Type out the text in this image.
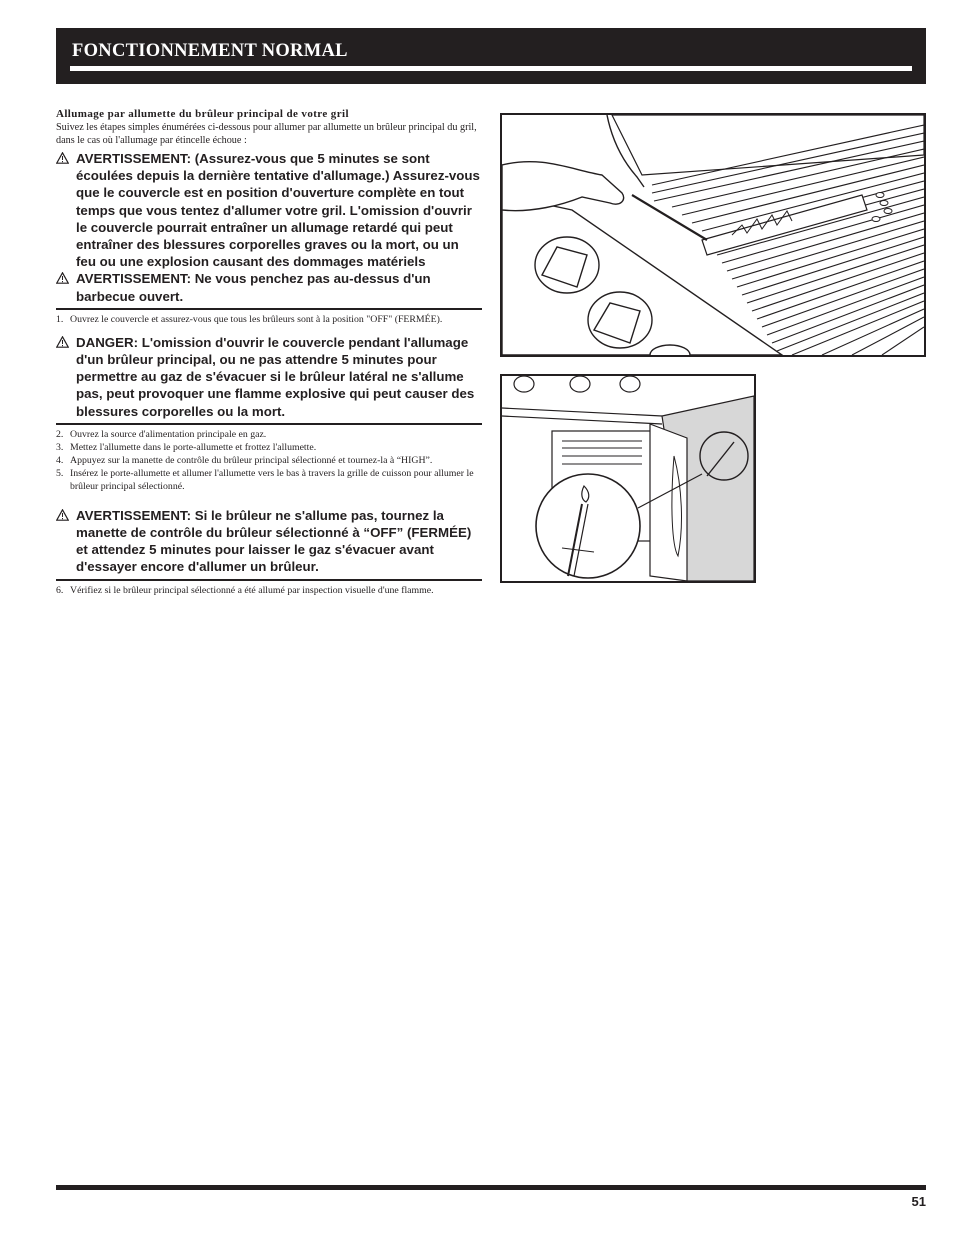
FONCTIONNEMENT NORMAL
Allumage par allumette du brûleur principal de votre gril
Suivez les étapes simples énumérées ci-dessous pour allumer par allumette un brûleur principal du gril, dans le cas où l'allumage par étincelle échoue :
AVERTISSEMENT: (Assurez-vous que 5 minutes se sont écoulées depuis la dernière tentative d'allumage.) Assurez-vous que le couvercle est en position d'ouverture complète en tout temps que vous tentez d'allumer votre gril. L'omission d'ouvrir le couvercle pourrait entraîner un allumage retardé qui peut entraîner des blessures corporelles graves ou la mort, ou un feu ou une explosion causant des dommages matériels
AVERTISSEMENT: Ne vous penchez pas au-dessus d'un barbecue ouvert.
1. Ouvrez le couvercle et assurez-vous que tous les brûleurs sont à la position "OFF" (FERMÉE).
DANGER: L'omission d'ouvrir le couvercle pendant l'allumage d'un brûleur principal, ou ne pas attendre 5 minutes pour permettre au gaz de s'évacuer si le brûleur latéral ne s'allume pas, peut provoquer une flamme explosive qui peut causer des blessures corporelles ou la mort.
2. Ouvrez la source d'alimentation principale en gaz.
3. Mettez l'allumette dans le porte-allumette et frottez l'allumette.
4. Appuyez sur la manette de contrôle du brûleur principal sélectionné et tournez-la à “HIGH”.
5. Insérez le porte-allumette et allumer l'allumette vers le bas à travers la grille de cuisson pour allumer le brûleur principal sélectionné.
AVERTISSEMENT: Si le brûleur ne s'allume pas, tournez la manette de contrôle du brûleur sélectionné à “OFF” (FERMÉE) et attendez 5 minutes pour laisser le gaz s'évacuer avant d'essayer encore d'allumer un brûleur.
6. Vérifiez si le brûleur principal sélectionné a été allumé par inspection visuelle d'une flamme.
51
